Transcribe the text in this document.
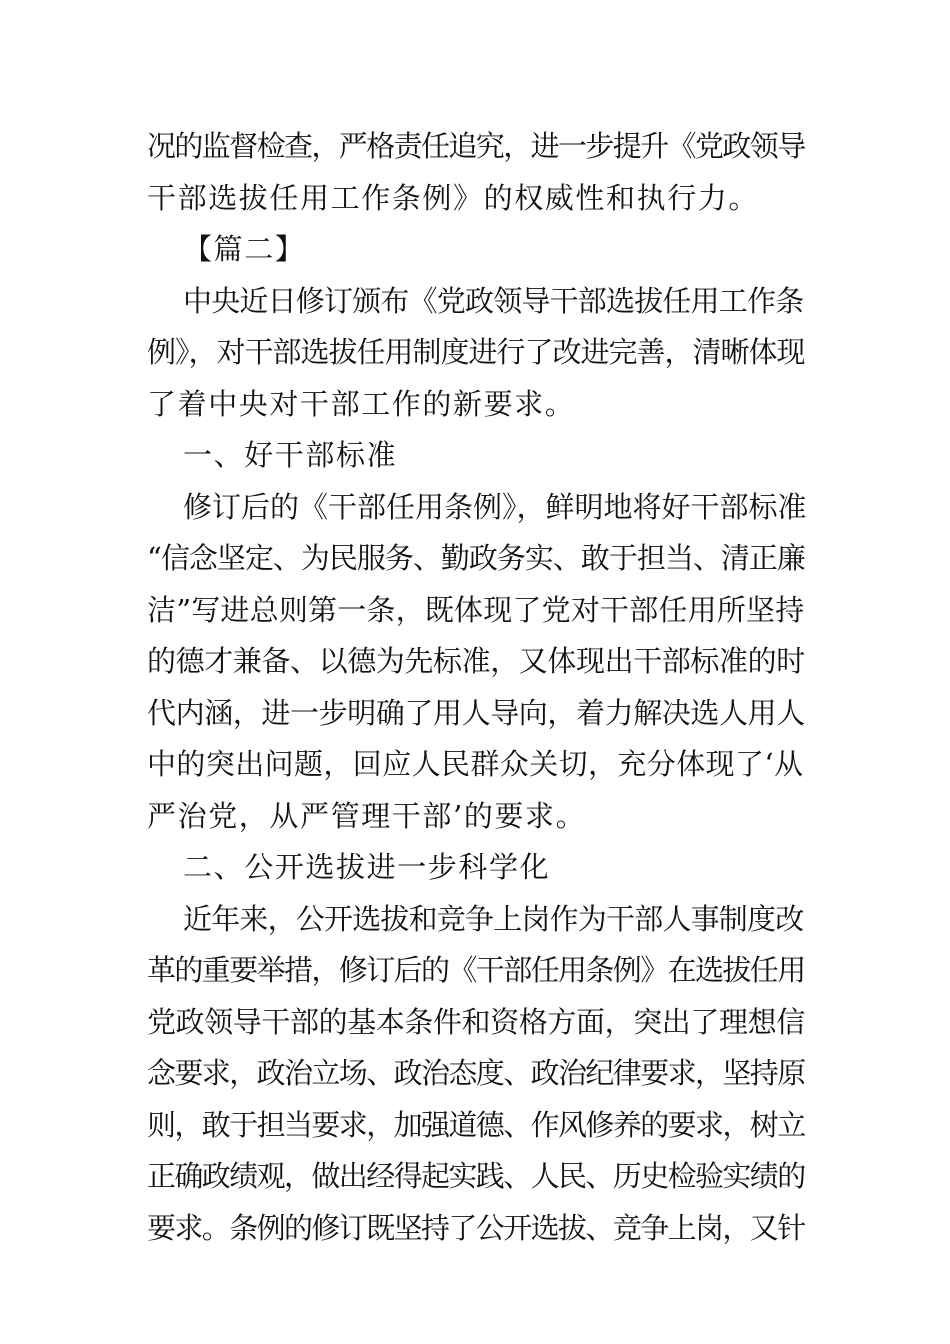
况的监督检查，严格责任追究，进一步提升《党政领导
干部选拔任用工作条例》的权威性和执行力。
【篇二】
中央近日修订颁布《党政领导干部选拔任用工作条
例》，对干部选拔任用制度进行了改进完善，清晰体现
了着中央对干部工作的新要求。
一、好干部标准
修订后的《干部任用条例》，鲜明地将好干部标准
“信念坚定、为民服务、勤政务实、敢于担当、清正廉
洁”写进总则第一条，既体现了党对干部任用所坚持
的德才兼备、以德为先标准，又体现出干部标准的时
代内涵，进一步明确了用人导向，着力解决选人用人
中的突出问题，回应人民群众关切，充分体现了‘从
严治党，从严管理干部’的要求。
二、公开选拔进一步科学化
近年来，公开选拔和竞争上岗作为干部人事制度改
革的重要举措，修订后的《干部任用条例》在选拔任用
党政领导干部的基本条件和资格方面，突出了理想信
念要求，政治立场、政治态度、政治纪律要求，坚持原
则，敢于担当要求，加强道德、作风修养的要求，树立
正确政绩观，做出经得起实践、人民、历史检验实绩的
要求。条例的修订既坚持了公开选拔、竞争上岗，又针
